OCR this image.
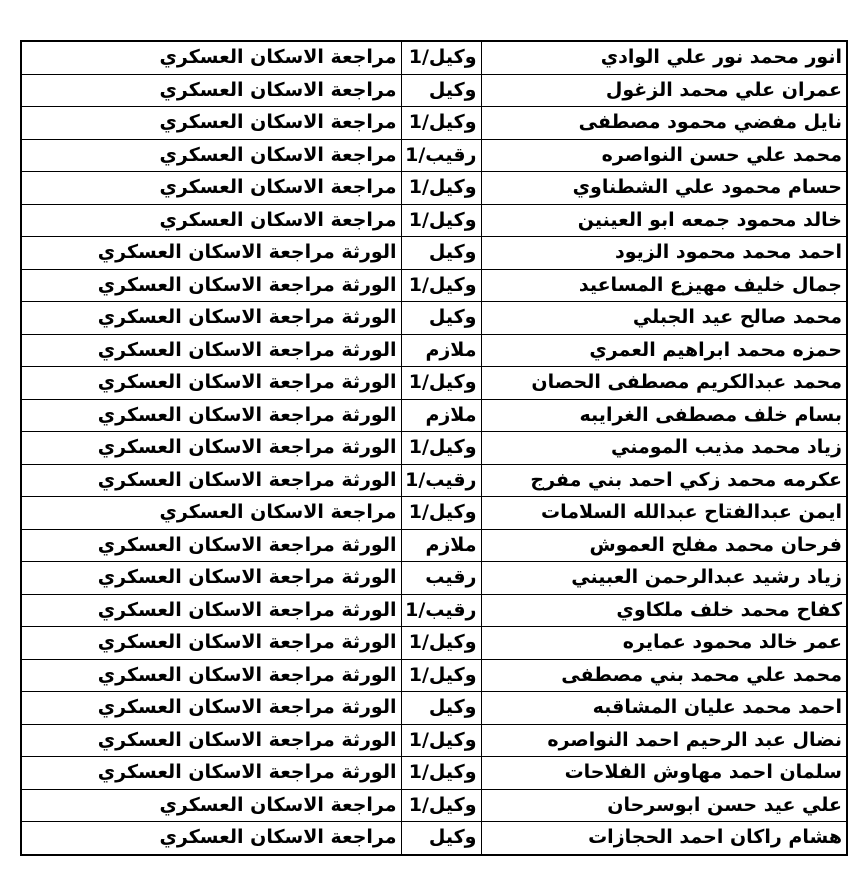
انور محمد نور علي الوادي	وكيل/1	مراجعة الاسكان العسكري
عمران علي محمد الزغول	وكيل	مراجعة الاسكان العسكري
نايل مفضي محمود مصطفى	وكيل/1	مراجعة الاسكان العسكري
محمد علي حسن النواصره	رقيب/1	مراجعة الاسكان العسكري
حسام محمود علي الشطناوي	وكيل/1	مراجعة الاسكان العسكري
خالد محمود جمعه ابو العينين	وكيل/1	مراجعة الاسكان العسكري
احمد محمد محمود الزيود	وكيل	الورثة مراجعة الاسكان العسكري
جمال خليف مهيزع المساعيد	وكيل/1	الورثة مراجعة الاسكان العسكري
محمد صالح عيد الجبلي	وكيل	الورثة مراجعة الاسكان العسكري
حمزه محمد ابراهيم العمري	ملازم	الورثة مراجعة الاسكان العسكري
محمد عبدالكريم مصطفى الحصان	وكيل/1	الورثة مراجعة الاسكان العسكري
بسام خلف مصطفى الغرايبه	ملازم	الورثة مراجعة الاسكان العسكري
زياد محمد مذيب المومني	وكيل/1	الورثة مراجعة الاسكان العسكري
عكرمه محمد زكي احمد بني مفرج	رقيب/1	الورثة مراجعة الاسكان العسكري
ايمن عبدالفتاح عبدالله السلامات	وكيل/1	مراجعة الاسكان العسكري
فرحان محمد مفلح العموش	ملازم	الورثة مراجعة الاسكان العسكري
زياد رشيد عبدالرحمن العبيني	رقيب	الورثة مراجعة الاسكان العسكري
كفاح محمد خلف ملكاوي	رقيب/1	الورثة مراجعة الاسكان العسكري
عمر خالد محمود عمايره	وكيل/1	الورثة مراجعة الاسكان العسكري
محمد علي محمد بني مصطفى	وكيل/1	الورثة مراجعة الاسكان العسكري
احمد محمد عليان المشاقبه	وكيل	الورثة مراجعة الاسكان العسكري
نضال عبد الرحيم احمد النواصره	وكيل/1	الورثة مراجعة الاسكان العسكري
سلمان احمد مهاوش الفلاحات	وكيل/1	الورثة مراجعة الاسكان العسكري
علي عيد حسن ابوسرحان	وكيل/1	مراجعة الاسكان العسكري
هشام راكان احمد الحجازات	وكيل	مراجعة الاسكان العسكري
